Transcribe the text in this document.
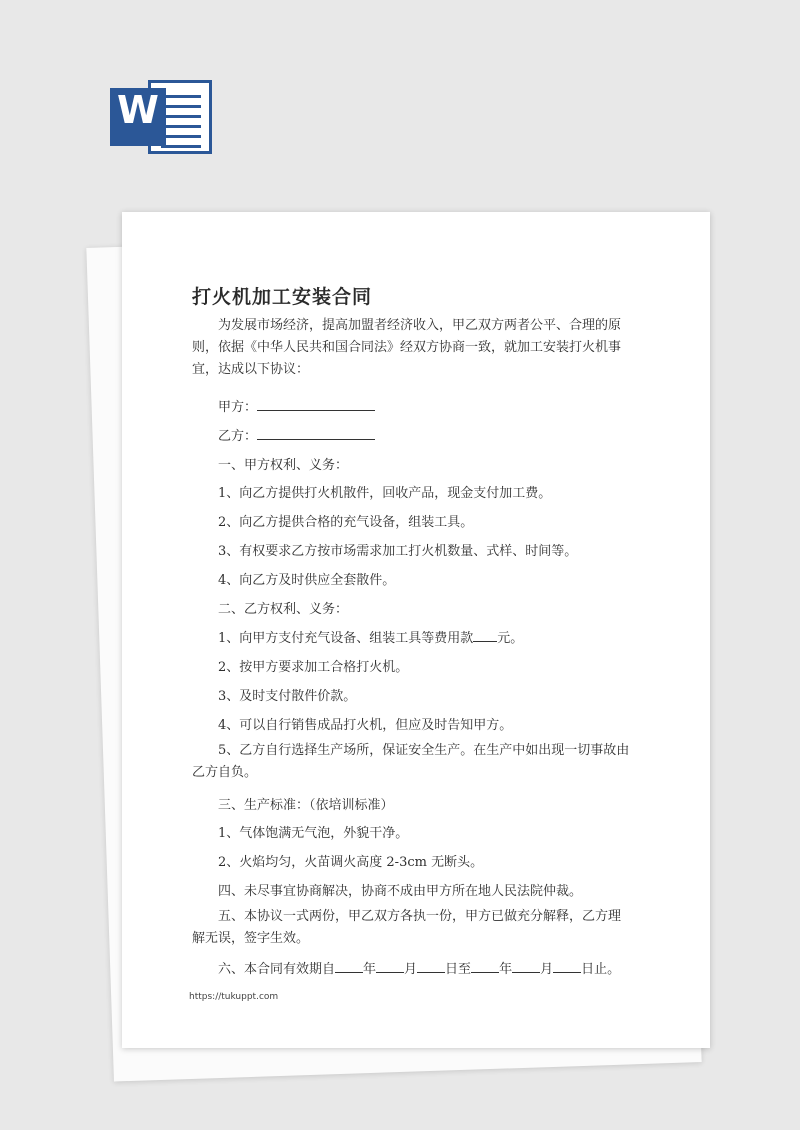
W
打火机加工安装合同

为发展市场经济，提高加盟者经济收入，甲乙双方两者公平、合理的原则，依据《中华人民共和国合同法》经双方协商一致，就加工安装打火机事宜，达成以下协议：

甲方：
乙方：
一、甲方权利、义务：
1、向乙方提供打火机散件，回收产品，现金支付加工费。
2、向乙方提供合格的充气设备，组装工具。
3、有权要求乙方按市场需求加工打火机数量、式样、时间等。
4、向乙方及时供应全套散件。
二、乙方权利、义务：
1、向甲方支付充气设备、组装工具等费用款 元。
2、按甲方要求加工合格打火机。
3、及时支付散件价款。
4、可以自行销售成品打火机，但应及时告知甲方。

5、乙方自行选择生产场所，保证安全生产。在生产中如出现一切事故由乙方自负。

三、生产标准：（依培训标准）
1、气体饱满无气泡，外貌干净。
2、火焰均匀，火苗调火高度 2-3cm 无断头。
四、未尽事宜协商解决，协商不成由甲方所在地人民法院仲裁。

五、本协议一式两份，甲乙双方各执一份，甲方已做充分解释，乙方理解无误，签字生效。

六、本合同有效期自 年 月 日至 年 月 日止。
https://tukuppt.com
